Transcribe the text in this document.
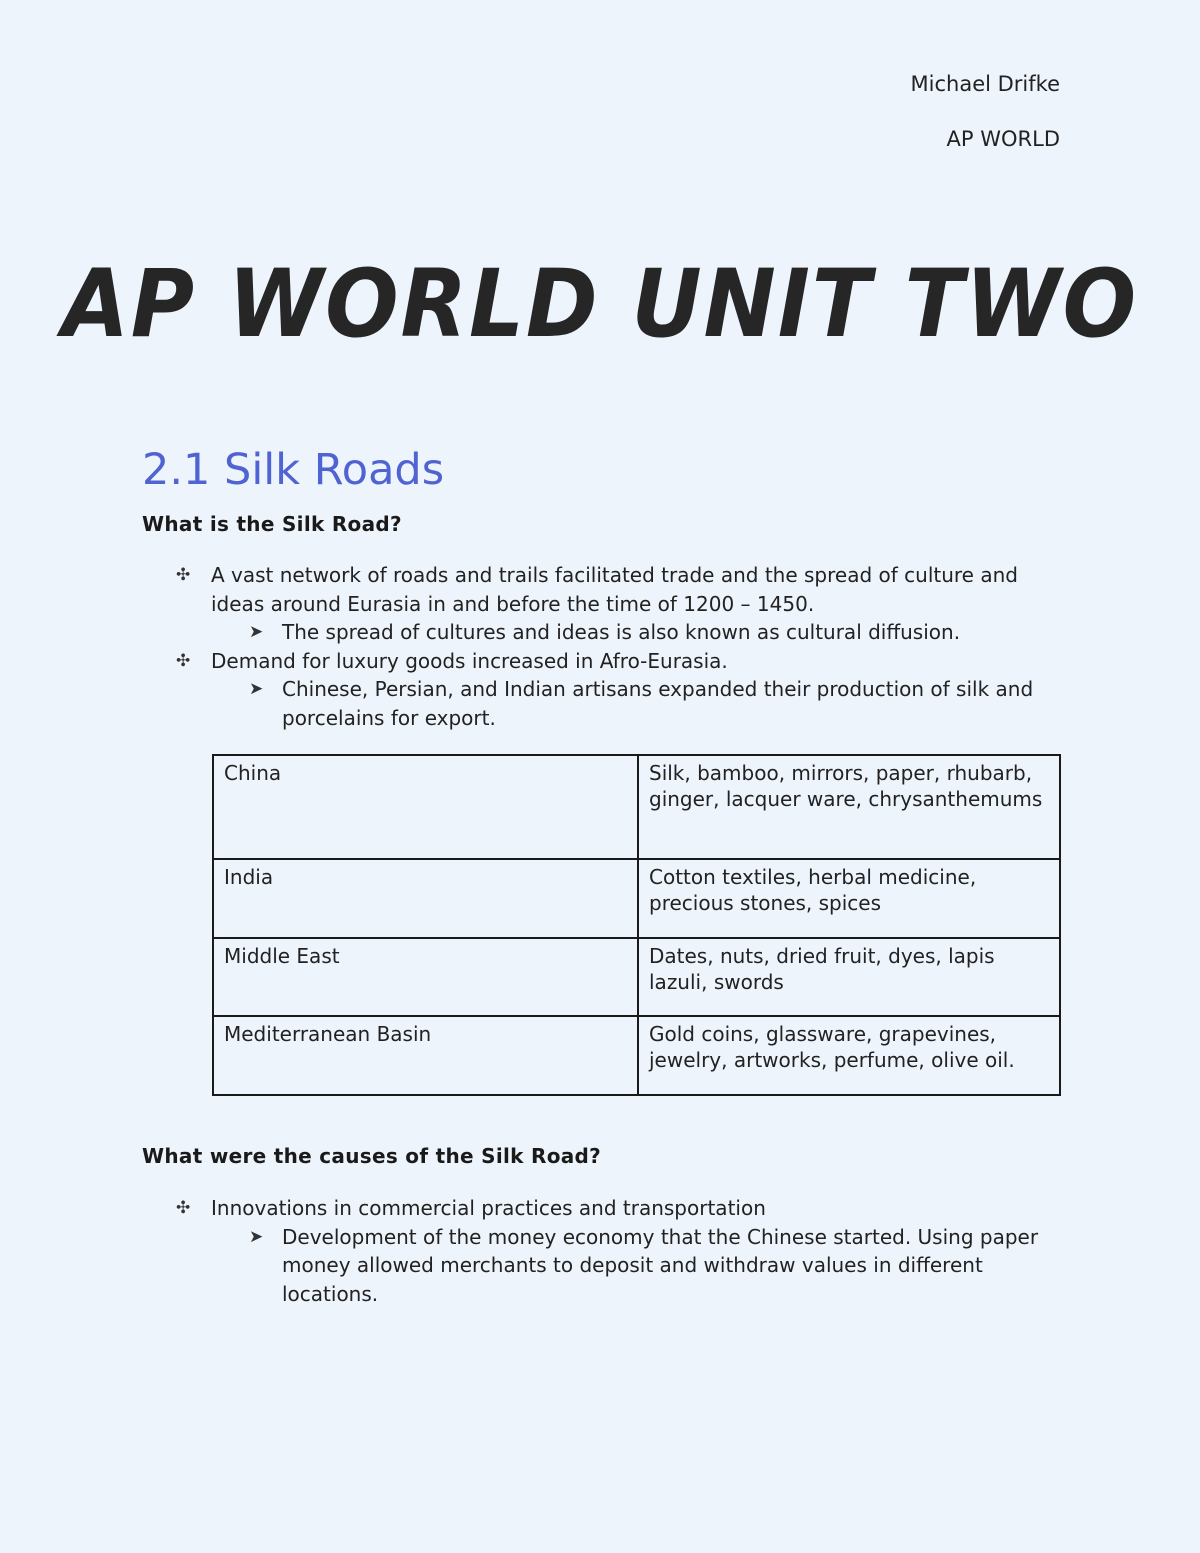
Michael Drifke
AP WORLD
AP WORLD UNIT TWO
2.1 Silk Roads
What is the Silk Road?
✣ A vast network of roads and trails facilitated trade and the spread of culture and ideas around Eurasia in and before the time of 1200 – 1450.
➤ The spread of cultures and ideas is also known as cultural diffusion.
✣ Demand for luxury goods increased in Afro-Eurasia.
➤ Chinese, Persian, and Indian artisans expanded their production of silk and porcelains for export.
China	Silk, bamboo, mirrors, paper, rhubarb, ginger, lacquer ware, chrysanthemums
India	Cotton textiles, herbal medicine, precious stones, spices
Middle East	Dates, nuts, dried fruit, dyes, lapis lazuli, swords
Mediterranean Basin	Gold coins, glassware, grapevines, jewelry, artworks, perfume, olive oil.
What were the causes of the Silk Road?
✣ Innovations in commercial practices and transportation
➤ Development of the money economy that the Chinese started. Using paper money allowed merchants to deposit and withdraw values in different locations.
